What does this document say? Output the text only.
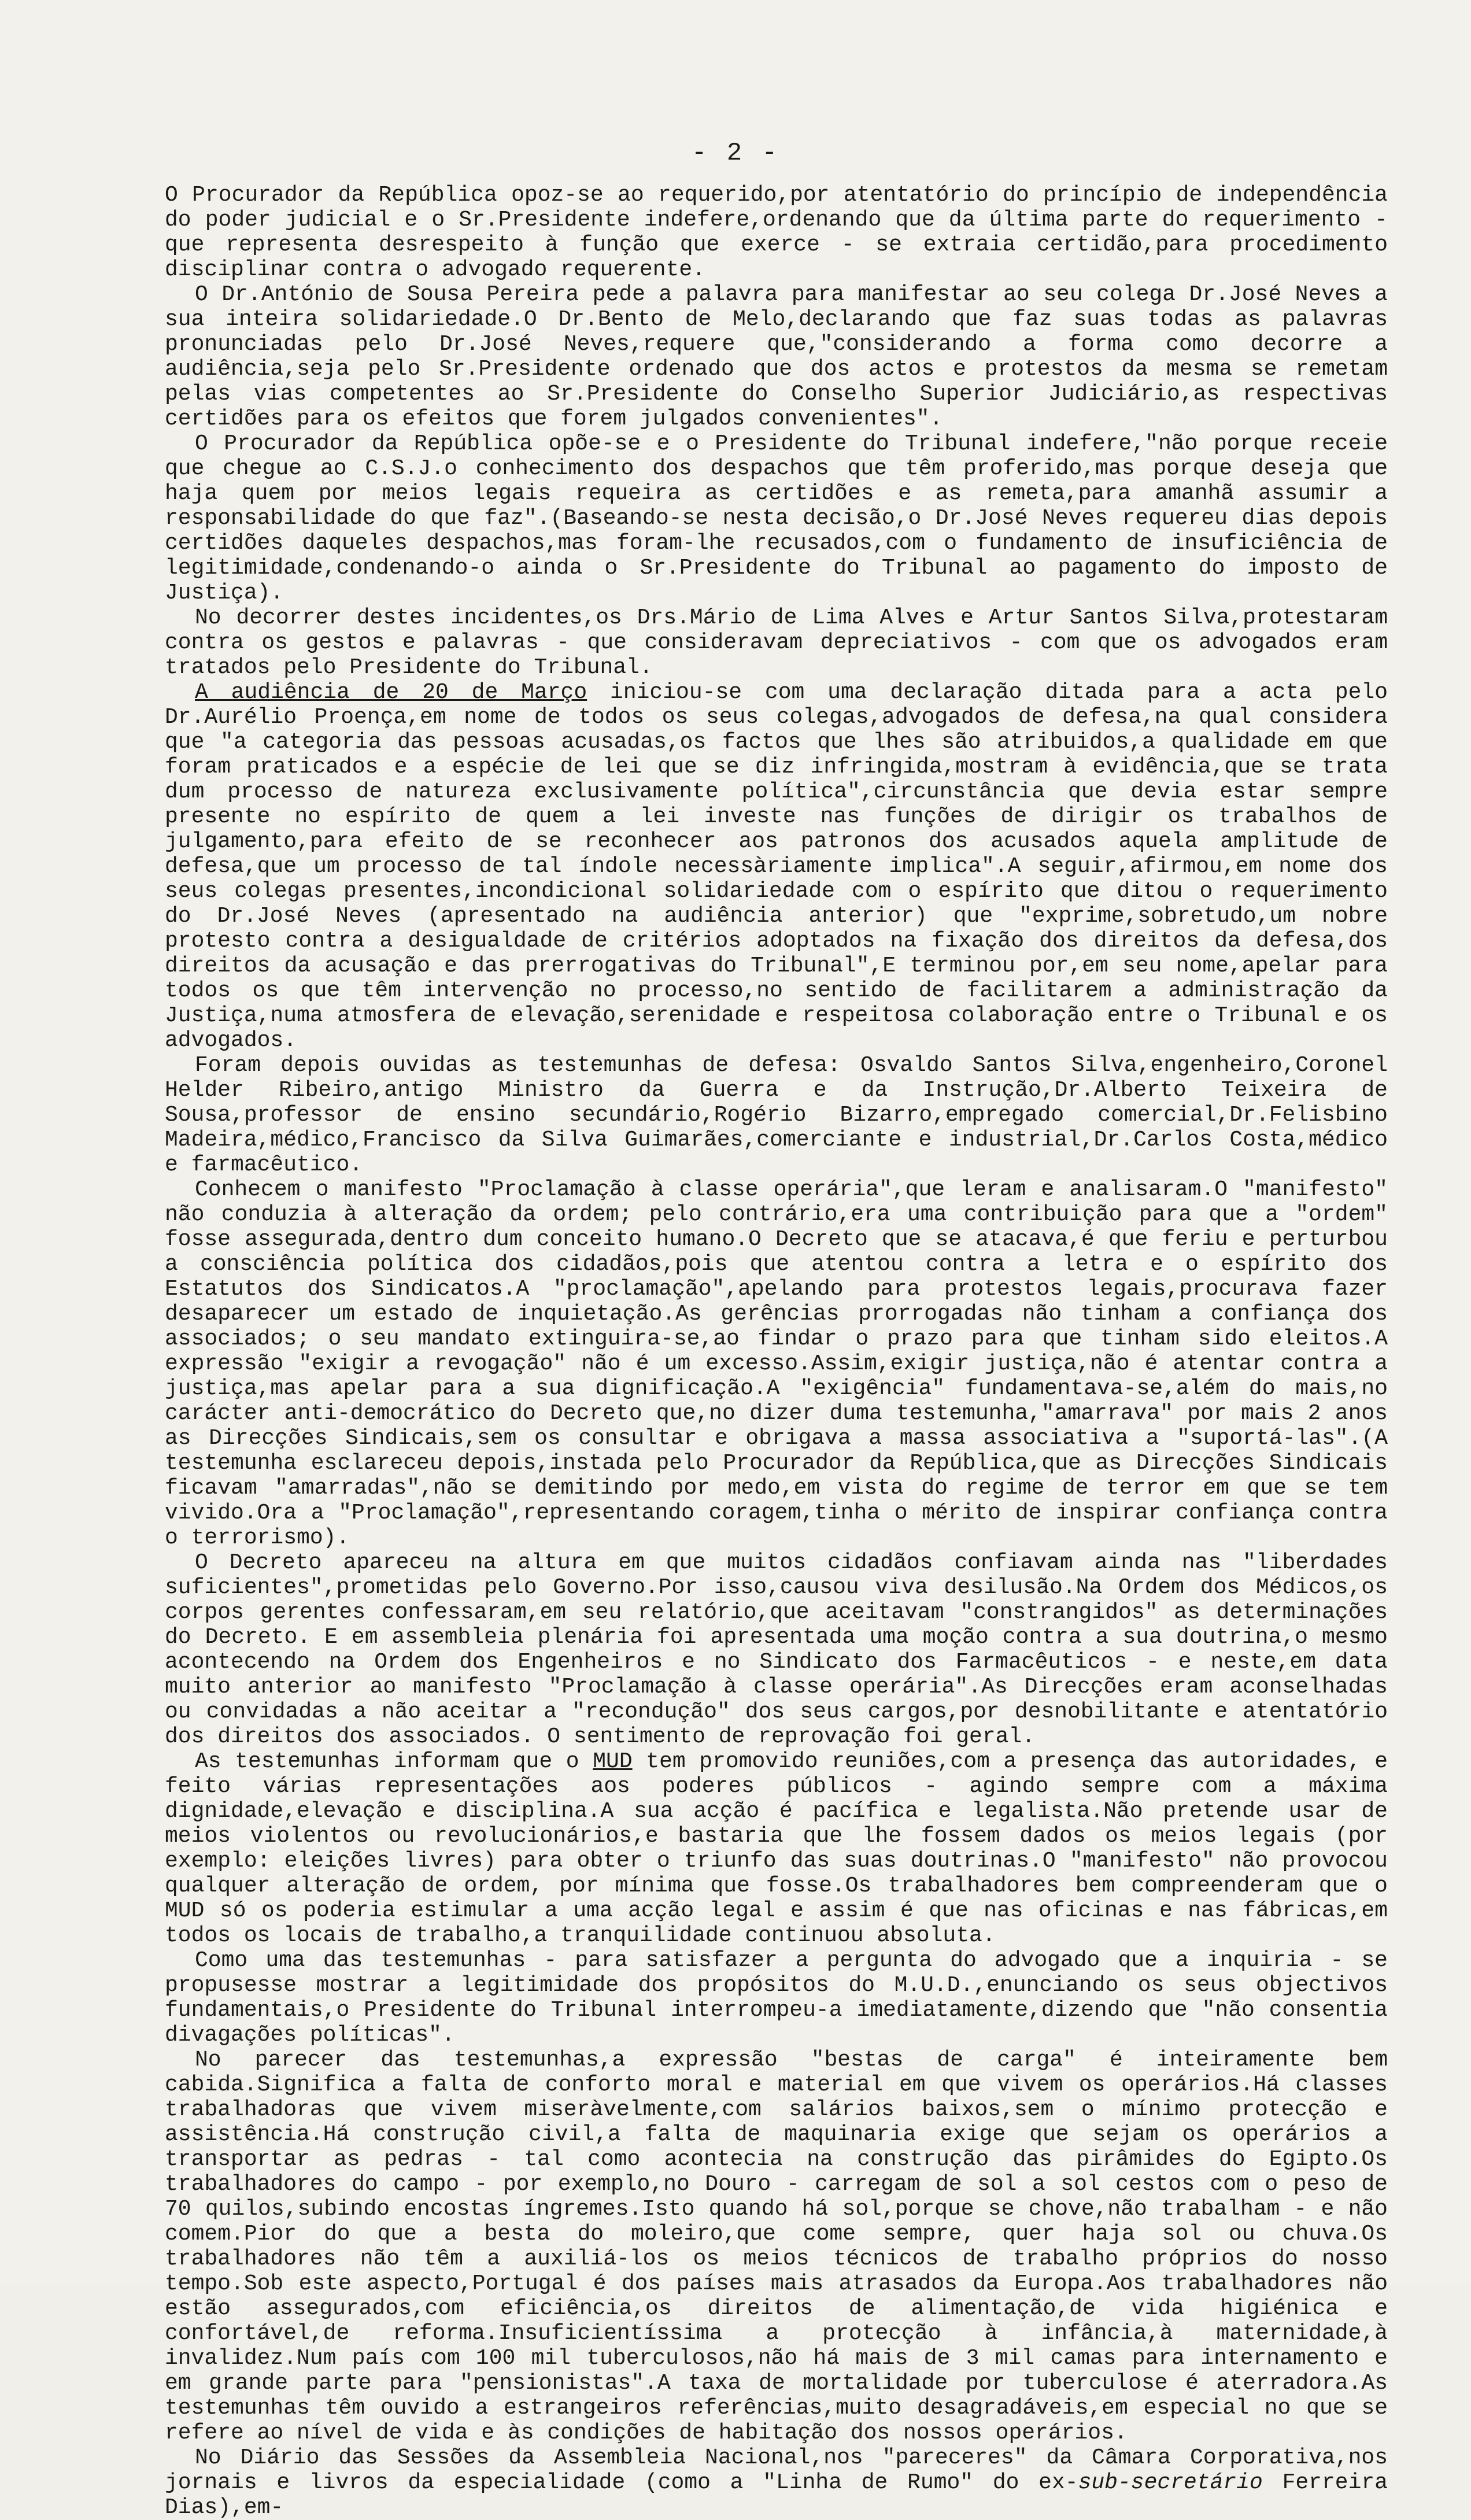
- 2 -

O Procurador da República opoz-se ao requerido,por atentatório do princípio de independência do poder judicial e o Sr.Presidente indefere,ordenando que da última parte do requerimento - que representa desrespeito à função que exerce - se extraia certidão,para procedimento disciplinar contra o advogado requerente.

O Dr.António de Sousa Pereira pede a palavra para manifestar ao seu colega Dr.José Neves a sua inteira solidariedade.O Dr.Bento de Melo,declarando que faz suas todas as palavras pronunciadas pelo Dr.José Neves,requere que,"considerando a forma como decorre a audiência,seja pelo Sr.Presidente ordenado que dos actos e protestos da mesma se remetam pelas vias competentes ao Sr.Presidente do Conselho Superior Judiciário,as respectivas certidões para os efeitos que forem julgados convenientes".

O Procurador da República opõe-se e o Presidente do Tribunal indefere,"não porque receie que chegue ao C.S.J.o conhecimento dos despachos que têm proferido,mas porque deseja que haja quem por meios legais requeira as certidões e as remeta,para amanhã assumir a responsabilidade do que faz".(Baseando-se nesta decisão,o Dr.José Neves requereu dias depois certidões daqueles despachos,mas foram-lhe recusados,com o fundamento de insuficiência de legitimidade,condenando-o ainda o Sr.Presidente do Tribunal ao pagamento do imposto de Justiça).

No decorrer destes incidentes,os Drs.Mário de Lima Alves e Artur Santos Silva,protestaram contra os gestos e palavras - que consideravam depreciativos - com que os advogados eram tratados pelo Presidente do Tribunal.

A audiência de 20 de Março iniciou-se com uma declaração ditada para a acta pelo Dr.Aurélio Proença,em nome de todos os seus colegas,advogados de defesa,na qual considera que "a categoria das pessoas acusadas,os factos que lhes são atribuidos,a qualidade em que foram praticados e a espécie de lei que se diz infringida,mostram à evidência,que se trata dum processo de natureza exclusivamente política",circunstância que devia estar sempre presente no espírito de quem a lei investe nas funções de dirigir os trabalhos de julgamento,para efeito de se reconhecer aos patronos dos acusados aquela amplitude de defesa,que um processo de tal índole necessàriamente implica".A seguir,afirmou,em nome dos seus colegas presentes,incondicional solidariedade com o espírito que ditou o requerimento do Dr.José Neves (apresentado na audiência anterior) que "exprime,sobretudo,um nobre protesto contra a desigualdade de critérios adoptados na fixação dos direitos da defesa,dos direitos da acusação e das prerrogativas do Tribunal",E terminou por,em seu nome,apelar para todos os que têm intervenção no processo,no sentido de facilitarem a administração da Justiça,numa atmosfera de elevação,serenidade e respeitosa colaboração entre o Tribunal e os advogados.

Foram depois ouvidas as testemunhas de defesa: Osvaldo Santos Silva,engenheiro,Coronel Helder Ribeiro,antigo Ministro da Guerra e da Instrução,Dr.Alberto Teixeira de Sousa,professor de ensino secundário,Rogério Bizarro,empregado comercial,Dr.Felisbino Madeira,médico,Francisco da Silva Guimarães,comerciante e industrial,Dr.Carlos Costa,médico e farmacêutico.

Conhecem o manifesto "Proclamação à classe operária",que leram e analisaram.O "manifesto" não conduzia à alteração da ordem; pelo contrário,era uma contribuição para que a "ordem" fosse assegurada,dentro dum conceito humano.O Decreto que se atacava,é que feriu e perturbou a consciência política dos cidadãos,pois que atentou contra a letra e o espírito dos Estatutos dos Sindicatos.A "proclamação",apelando para protestos legais,procurava fazer desaparecer um estado de inquietação.As gerências prorrogadas não tinham a confiança dos associados; o seu mandato extinguira-se,ao findar o prazo para que tinham sido eleitos.A expressão "exigir a revogação" não é um excesso.Assim,exigir justiça,não é atentar contra a justiça,mas apelar para a sua dignificação.A "exigência" fundamentava-se,além do mais,no carácter anti-democrático do Decreto que,no dizer duma testemunha,"amarrava" por mais 2 anos as Direcções Sindicais,sem os consultar e obrigava a massa associativa a "suportá-las".(A testemunha esclareceu depois,instada pelo Procurador da República,que as Direcções Sindicais ficavam "amarradas",não se demitindo por medo,em vista do regime de terror em que se tem vivido.Ora a "Proclamação",representando coragem,tinha o mérito de inspirar confiança contra o terrorismo).

O Decreto apareceu na altura em que muitos cidadãos confiavam ainda nas "liberdades suficientes",prometidas pelo Governo.Por isso,causou viva desilusão.Na Ordem dos Médicos,os corpos gerentes confessaram,em seu relatório,que aceitavam "constrangidos" as determinações do Decreto. E em assembleia plenária foi apresentada uma moção contra a sua doutrina,o mesmo acontecendo na Ordem dos Engenheiros e no Sindicato dos Farmacêuticos - e neste,em data muito anterior ao manifesto "Proclamação à classe operária".As Direcções eram aconselhadas ou convidadas a não aceitar a "recondução" dos seus cargos,por desnobilitante e atentatório dos direitos dos associados. O sentimento de reprovação foi geral.

As testemunhas informam que o MUD tem promovido reuniões,com a presença das autoridades, e feito várias representações aos poderes públicos - agindo sempre com a máxima dignidade,elevação e disciplina.A sua acção é pacífica e legalista.Não pretende usar de meios violentos ou revolucionários,e bastaria que lhe fossem dados os meios legais (por exemplo: eleições livres) para obter o triunfo das suas doutrinas.O "manifesto" não provocou qualquer alteração de ordem, por mínima que fosse.Os trabalhadores bem compreenderam que o MUD só os poderia estimular a uma acção legal e assim é que nas oficinas e nas fábricas,em todos os locais de trabalho,a tranquilidade continuou absoluta.

Como uma das testemunhas - para satisfazer a pergunta do advogado que a inquiria - se propusesse mostrar a legitimidade dos propósitos do M.U.D.,enunciando os seus objectivos fundamentais,o Presidente do Tribunal interrompeu-a imediatamente,dizendo que "não consentia divagações políticas".

No parecer das testemunhas,a expressão "bestas de carga" é inteiramente bem cabida.Significa a falta de conforto moral e material em que vivem os operários.Há classes trabalhadoras que vivem miseràvelmente,com salários baixos,sem o mínimo protecção e assistência.Há construção civil,a falta de maquinaria exige que sejam os operários a transportar as pedras - tal como acontecia na construção das pirâmides do Egipto.Os trabalhadores do campo - por exemplo,no Douro - carregam de sol a sol cestos com o peso de 70 quilos,subindo encostas íngremes.Isto quando há sol,porque se chove,não trabalham - e não comem.Pior do que a besta do moleiro,que come sempre, quer haja sol ou chuva.Os trabalhadores não têm a auxiliá-los os meios técnicos de trabalho próprios do nosso tempo.Sob este aspecto,Portugal é dos países mais atrasados da Europa.Aos trabalhadores não estão assegurados,com eficiência,os direitos de alimentação,de vida higiénica e confortável,de reforma.Insuficientíssima a protecção à infância,à maternidade,à invalidez.Num país com 100 mil tuberculosos,não há mais de 3 mil camas para internamento e em grande parte para "pensionistas".A taxa de mortalidade por tuberculose é aterradora.As testemunhas têm ouvido a estrangeiros referências,muito desagradáveis,em especial no que se refere ao nível de vida e às condições de habitação dos nossos operários.

No Diário das Sessões da Assembleia Nacional,nos "pareceres" da Câmara Corporativa,nos jornais e livros da especialidade (como a "Linha de Rumo" do ex-sub-secretário Ferreira Dias),em-
